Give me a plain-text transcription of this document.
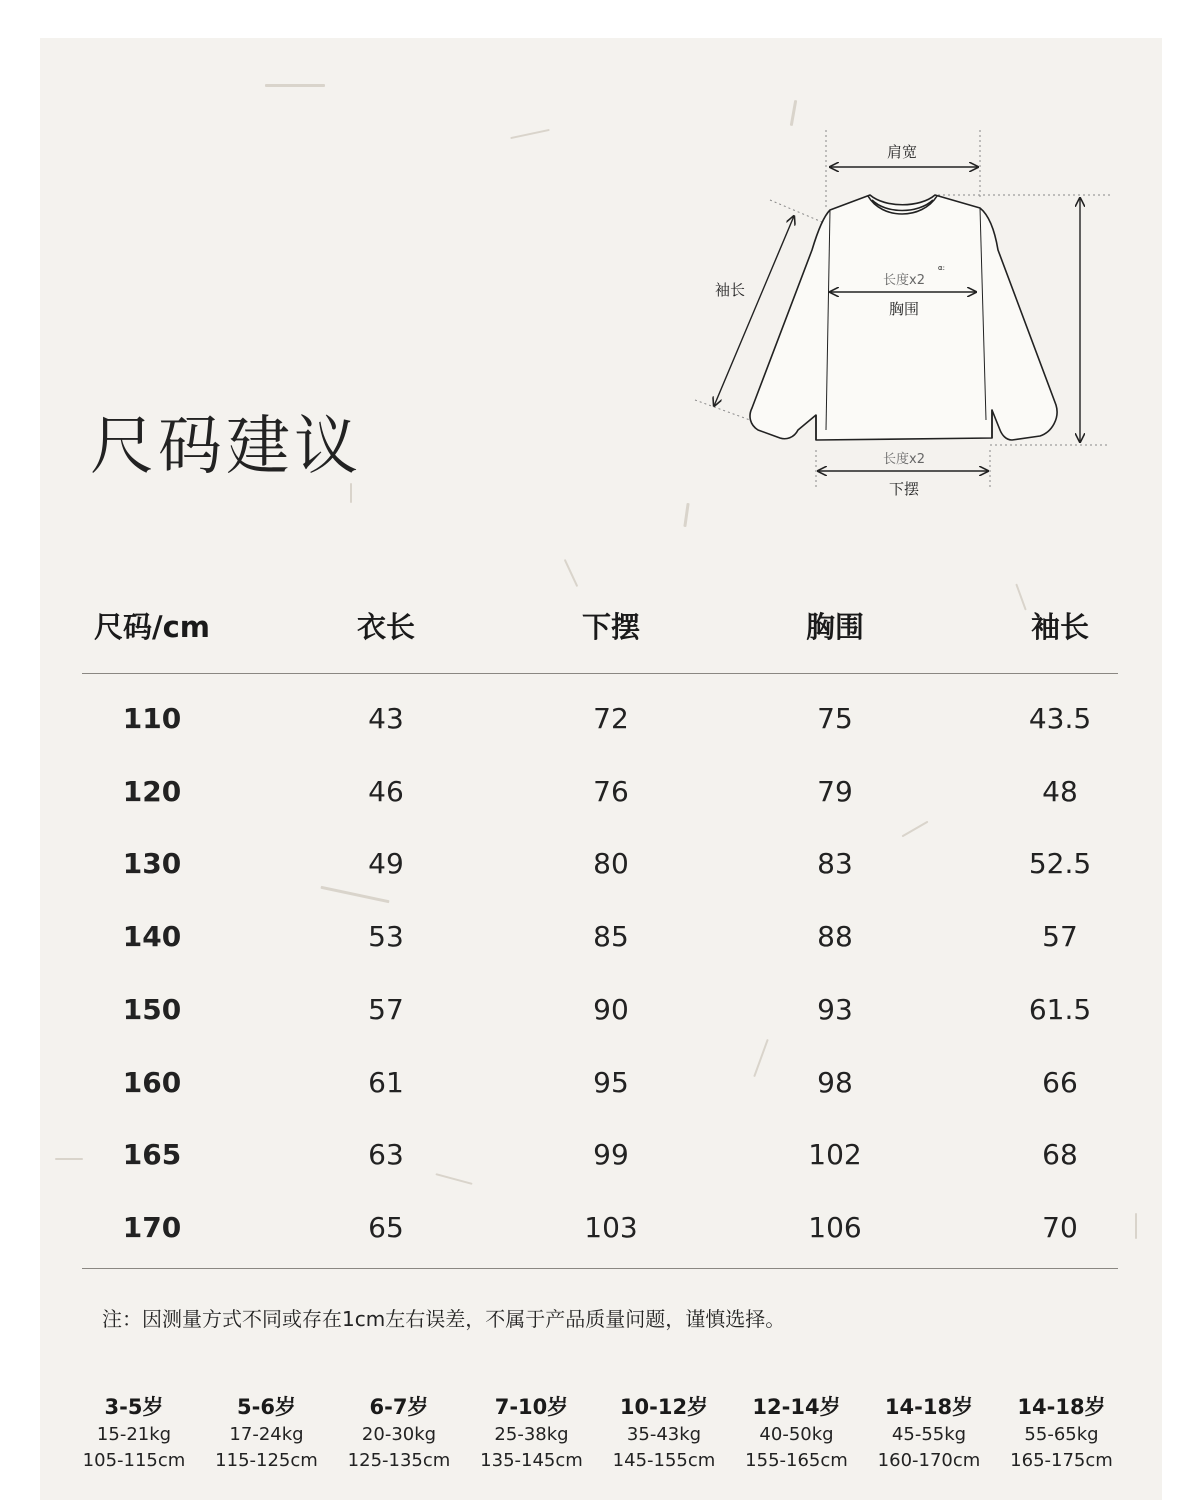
尺码建议
α:
肩宽
袖长
长度x2
胸围
长度x2
下摆
尺码/cm	衣长	下摆	胸围	袖长
110	43	72	75	43.5
120	46	76	79	48
130	49	80	83	52.5
140	53	85	88	57
150	57	90	93	61.5
160	61	95	98	66
165	63	99	102	68
170	65	103	106	70
注：因测量方式不同或存在1cm左右误差，不属于产品质量问题，谨慎选择。
3-5岁
15-21kg
105-115cm
5-6岁
17-24kg
115-125cm
6-7岁
20-30kg
125-135cm
7-10岁
25-38kg
135-145cm
10-12岁
35-43kg
145-155cm
12-14岁
40-50kg
155-165cm
14-18岁
45-55kg
160-170cm
14-18岁
55-65kg
165-175cm
